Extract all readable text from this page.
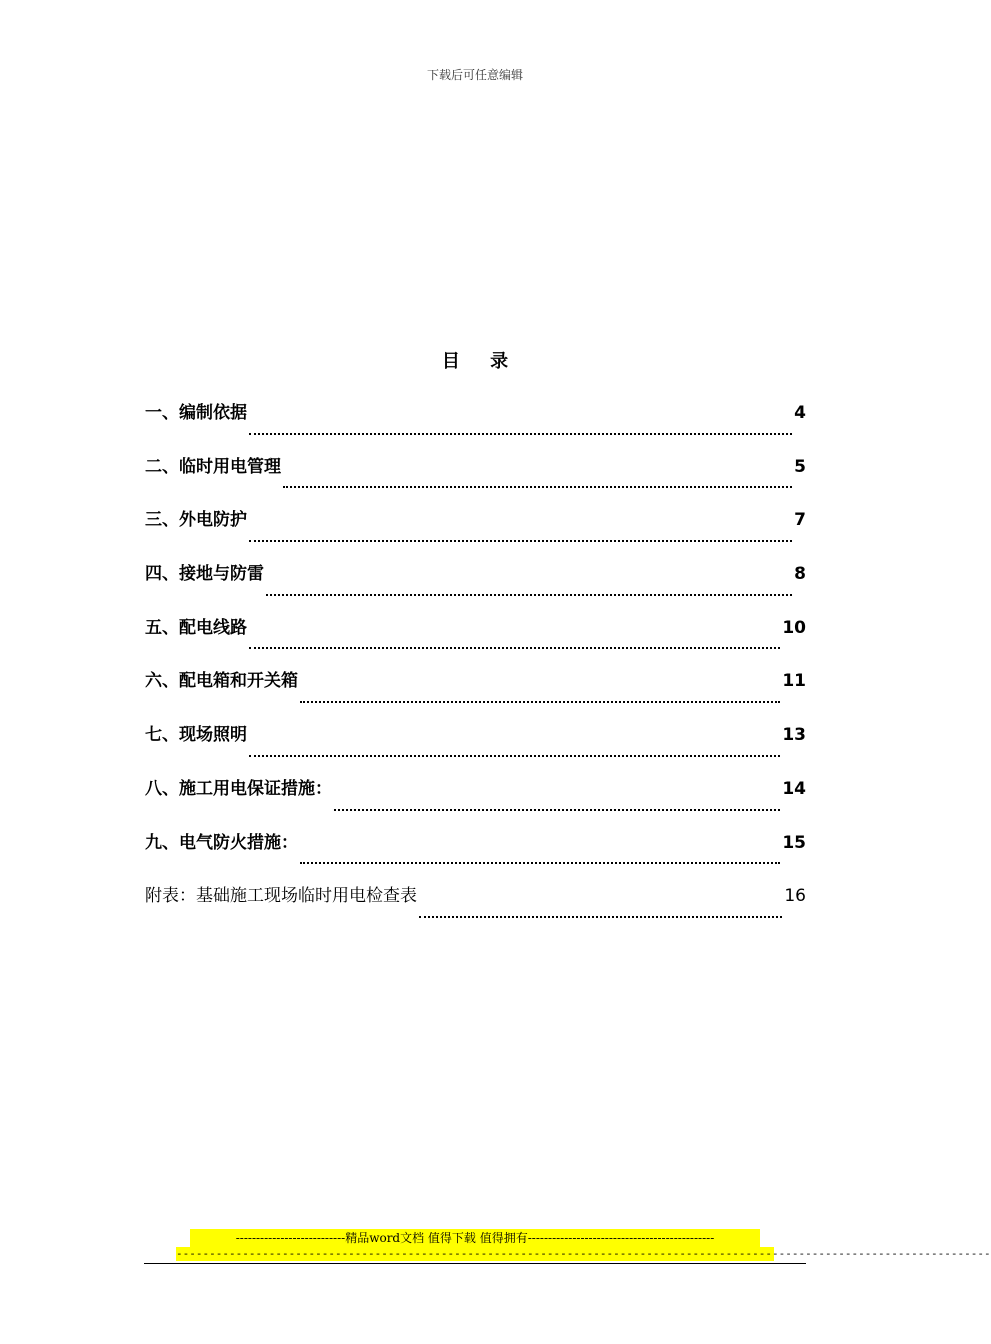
下载后可任意编辑
目 录
一、编制依据	4
二、临时用电管理	5
三、外电防护	7
四、接地与防雷	8
五、配电线路	10
六、配电箱和开关箱	11
七、现场照明	13
八、施工用电保证措施：	14
九、电气防火措施：	15
附表：基础施工现场临时用电检查表	16
---------------------------精品word文档 值得下载 值得拥有----------------------------------------------
---------------------------------------------------------------------------------------------------------------------------
